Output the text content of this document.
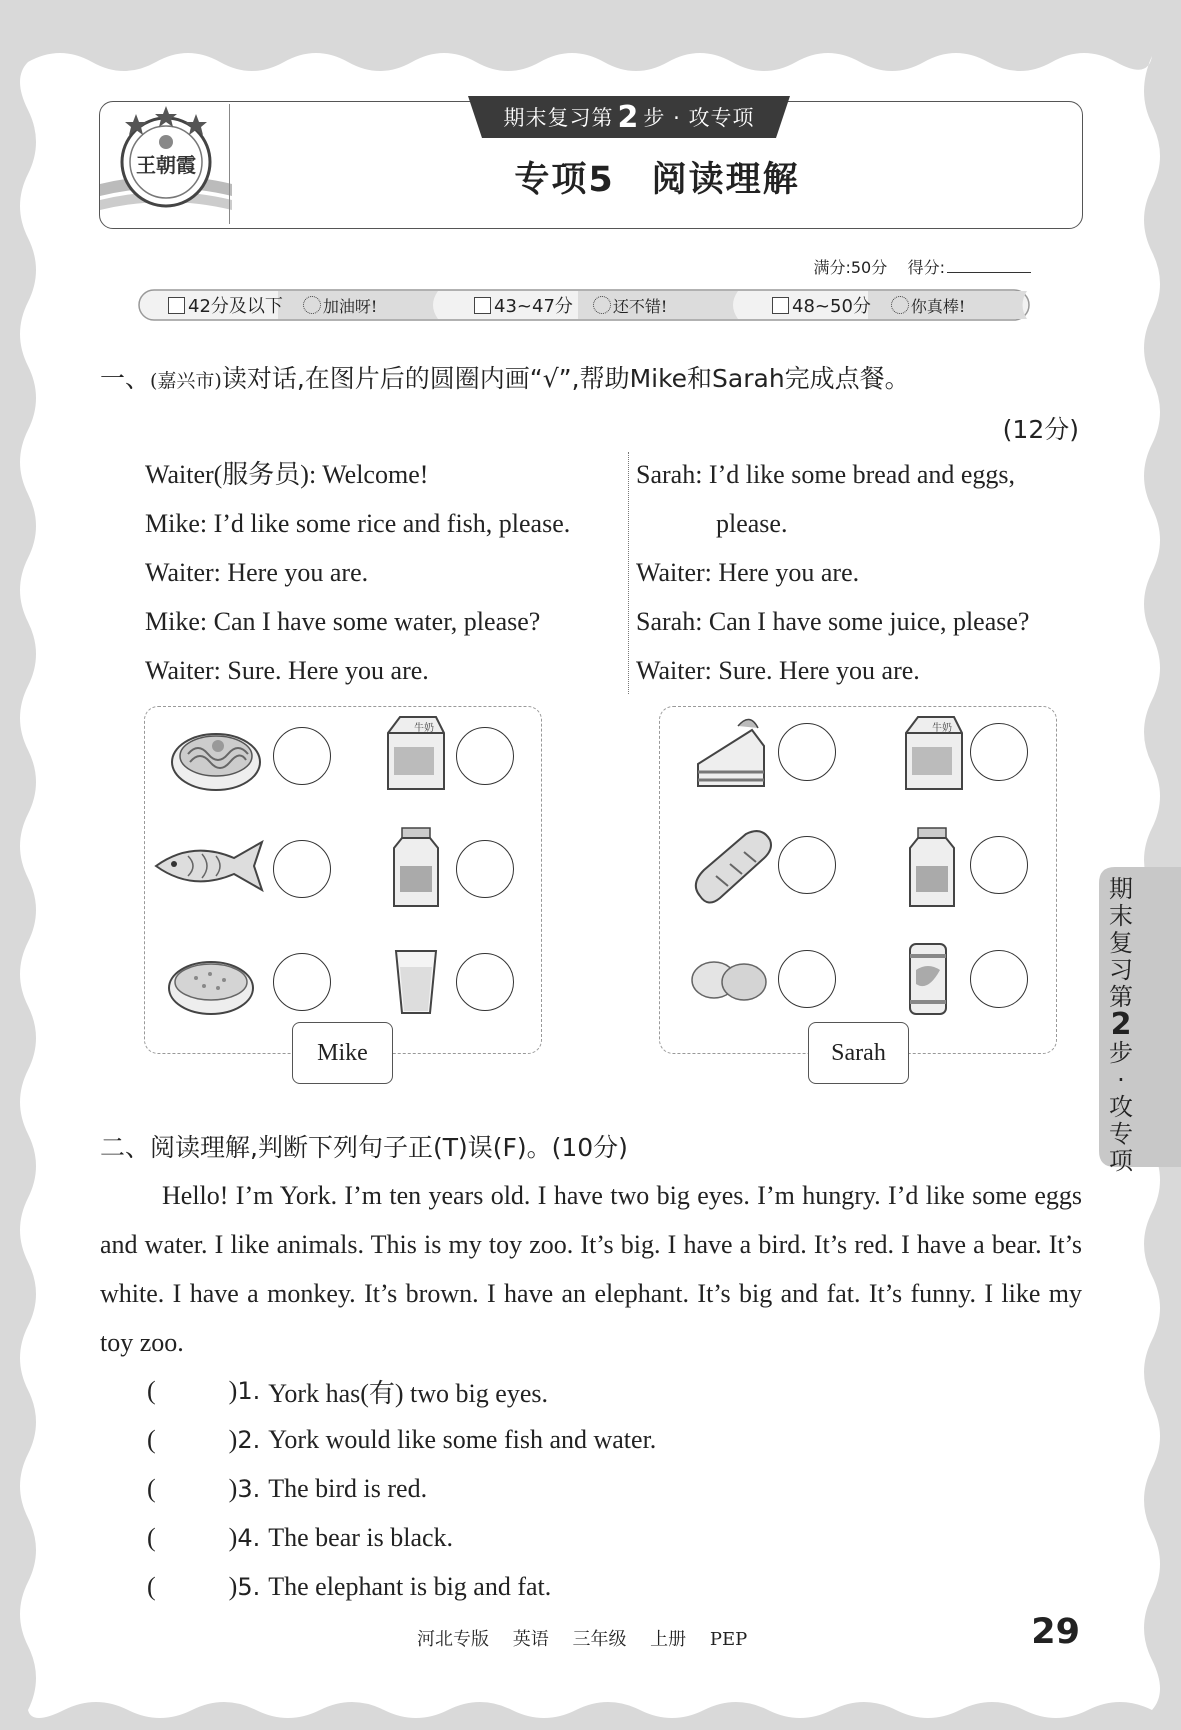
王朝霞
期末复习第 2 步 · 攻专项
专项5　阅读理解
满分:50分 得分:
42分及以下	加油呀!	43~47分	还不错!	48~50分	你真棒!
一、(嘉兴市)读对话,在图片后的圆圈内画“√”,帮助Mike和Sarah完成点餐。
(12分)
Waiter(服务员): Welcome!
Mike: I’d like some rice and fish, please.
Waiter: Here you are.
Mike: Can I have some water, please?
Waiter: Sure. Here you are.
Sarah: I’d like some bread and eggs,
please.
Waiter: Here you are.
Sarah: Can I have some juice, please?
Waiter: Sure. Here you are.
牛奶
Mike
牛奶
Sarah
二、阅读理解,判断下列句子正(T)误(F)。(10分)
Hello! I’m York. I’m ten years old. I have two big eyes. I’m hungry. I’d like some eggs and water. I like animals. This is my toy zoo. It’s big. I have a bird. It’s red. I have a bear. It’s white. I have a monkey. It’s brown. I have an elephant. It’s big and fat. It’s funny. I like my toy zoo.
(	) 1. York has(有) two big eyes.
(	) 2. York would like some fish and water.
(	) 3. The bird is red.
(	) 4. The bear is black.
(	) 5. The elephant is big and fat.
期
末
复
习
第
2
步
·
攻
专
项
河北专版 英语 三年级 上册 PEP	29
